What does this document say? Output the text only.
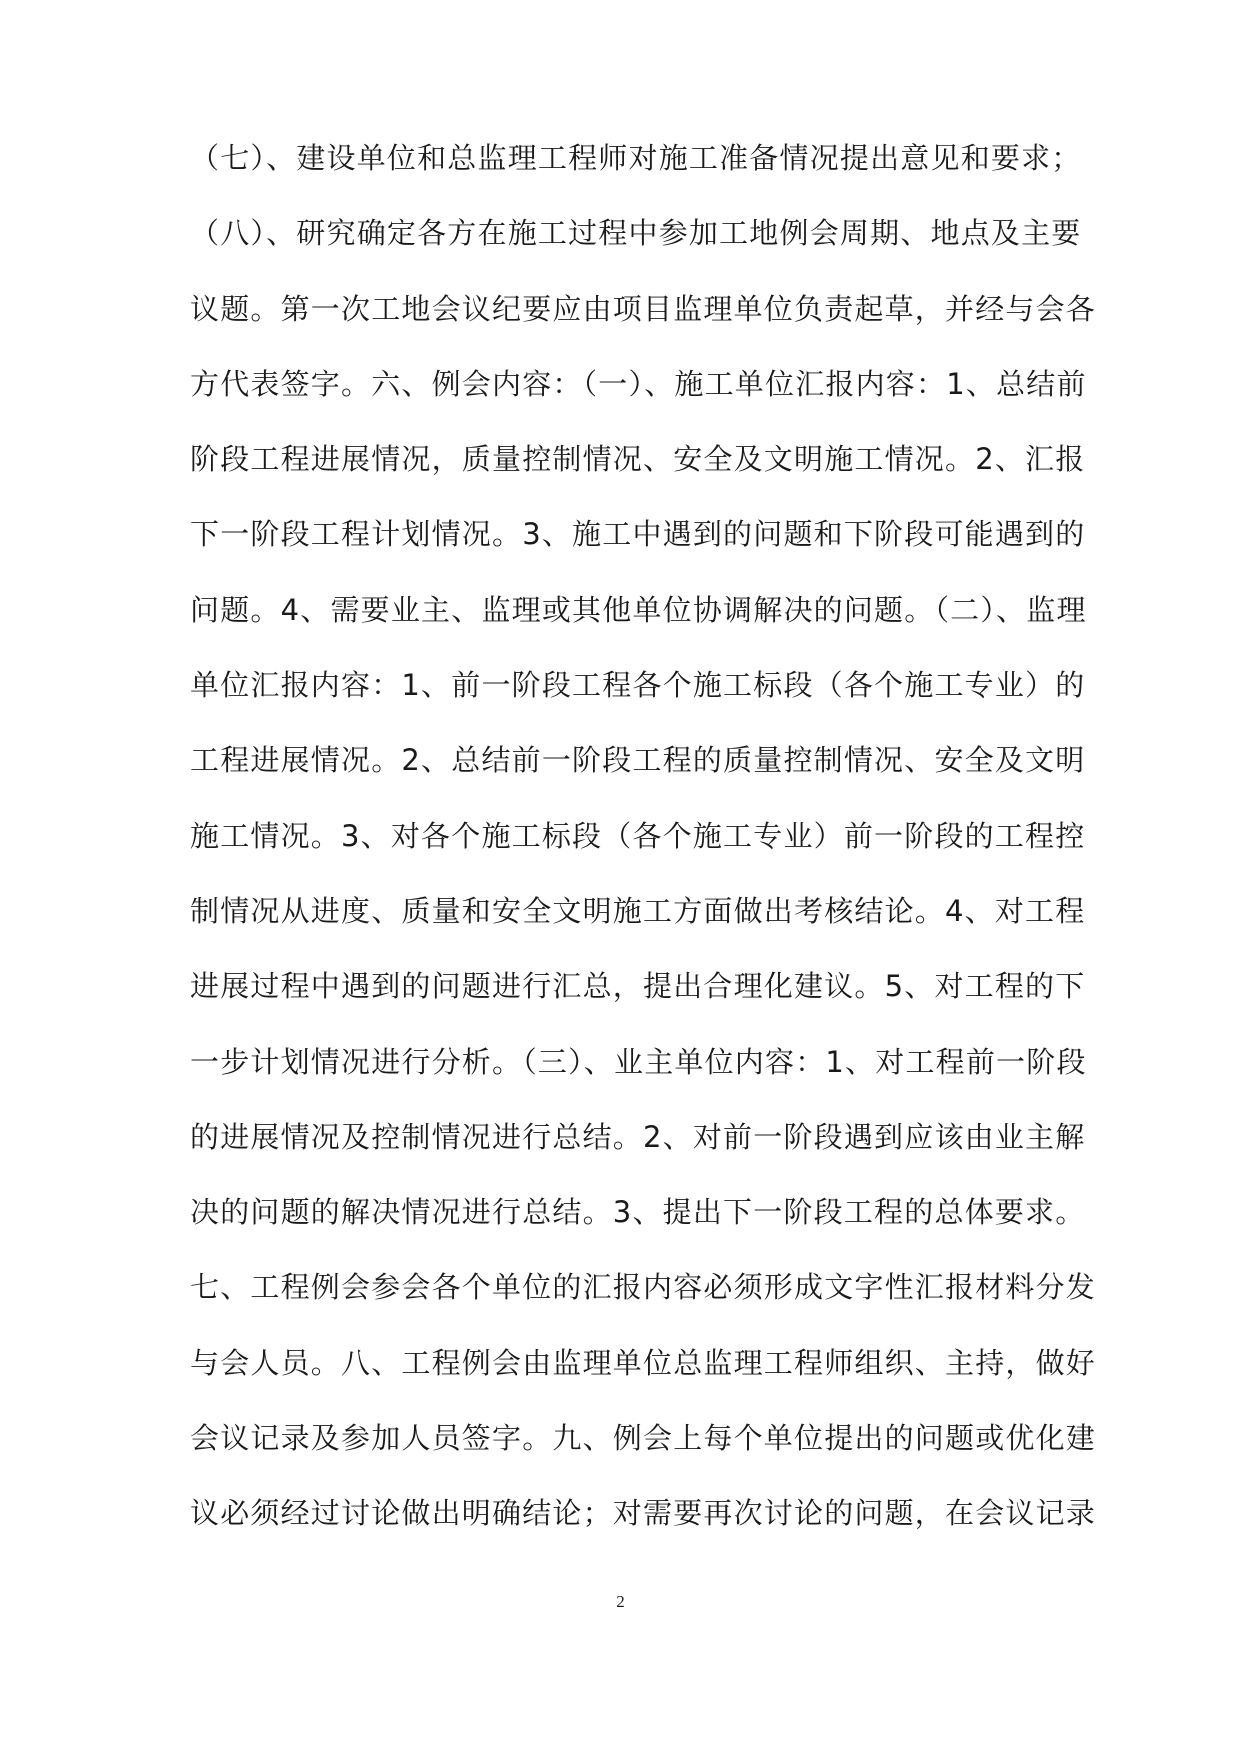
（七）、建设单位和总监理工程师对施工准备情况提出意见和要求；
（八）、研究确定各方在施工过程中参加工地例会周期、地点及主要
议题。第一次工地会议纪要应由项目监理单位负责起草，并经与会各
方代表签字。六、例会内容：（一）、施工单位汇报内容：1、总结前
阶段工程进展情况，质量控制情况、安全及文明施工情况。2、汇报
下一阶段工程计划情况。3、施工中遇到的问题和下阶段可能遇到的
问题。4、需要业主、监理或其他单位协调解决的问题。（二）、监理
单位汇报内容：1、前一阶段工程各个施工标段（各个施工专业）的
工程进展情况。2、总结前一阶段工程的质量控制情况、安全及文明
施工情况。3、对各个施工标段（各个施工专业）前一阶段的工程控
制情况从进度、质量和安全文明施工方面做出考核结论。4、对工程
进展过程中遇到的问题进行汇总，提出合理化建议。5、对工程的下
一步计划情况进行分析。（三）、业主单位内容：1、对工程前一阶段
的进展情况及控制情况进行总结。2、对前一阶段遇到应该由业主解
决的问题的解决情况进行总结。3、提出下一阶段工程的总体要求。
七、工程例会参会各个单位的汇报内容必须形成文字性汇报材料分发
与会人员。八、工程例会由监理单位总监理工程师组织、主持，做好
会议记录及参加人员签字。九、例会上每个单位提出的问题或优化建
议必须经过讨论做出明确结论；对需要再次讨论的问题，在会议记录
2
